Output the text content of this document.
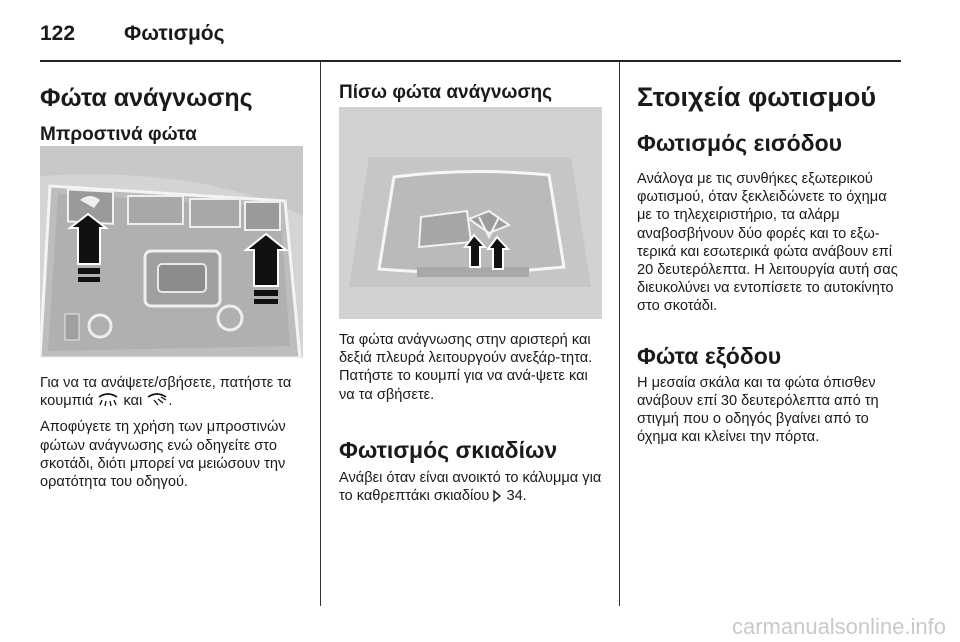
122 Φωτισμός
Φώτα ανάγνωσης
Μπροστινά φώτα

Για να τα ανάψετε/σβήσετε, πατήστε τα κουμπιά και .

Αποφύγετε τη χρήση των μπροστινών φώτων ανάγνωσης ενώ οδηγείτε στο σκοτάδι, διότι μπορεί να μειώσουν την ορατότητα του οδηγού.

Πίσω φώτα ανάγνωσης

Τα φώτα ανάγνωσης στην αριστερή και δεξιά πλευρά λειτουργούν ανεξάρ-τητα. Πατήστε το κουμπί για να ανά-ψετε και να τα σβήσετε.

Φωτισμός σκιαδίων

Ανάβει όταν είναι ανοικτό το κάλυμμα για το καθρεπτάκι σκιαδίου 34.

Στοιχεία φωτισμού
Φωτισμός εισόδου

Ανάλογα με τις συνθήκες εξωτερικού φωτισμού, όταν ξεκλειδώνετε το όχημα με το τηλεχειριστήριο, τα αλάρμ αναβοσβήνουν δύο φορές και το εξω-τερικά και εσωτερικά φώτα ανάβουν επί 20 δευτερόλεπτα. Η λειτουργία αυτή σας διευκολύνει να εντοπίσετε το αυτοκίνητο στο σκοτάδι.

Φώτα εξόδου

Η μεσαία σκάλα και τα φώτα όπισθεν ανάβουν επί 30 δευτερόλεπτα από τη στιγμή που ο οδηγός βγαίνει από το όχημα και κλείνει την πόρτα.

carmanualsonline.info
